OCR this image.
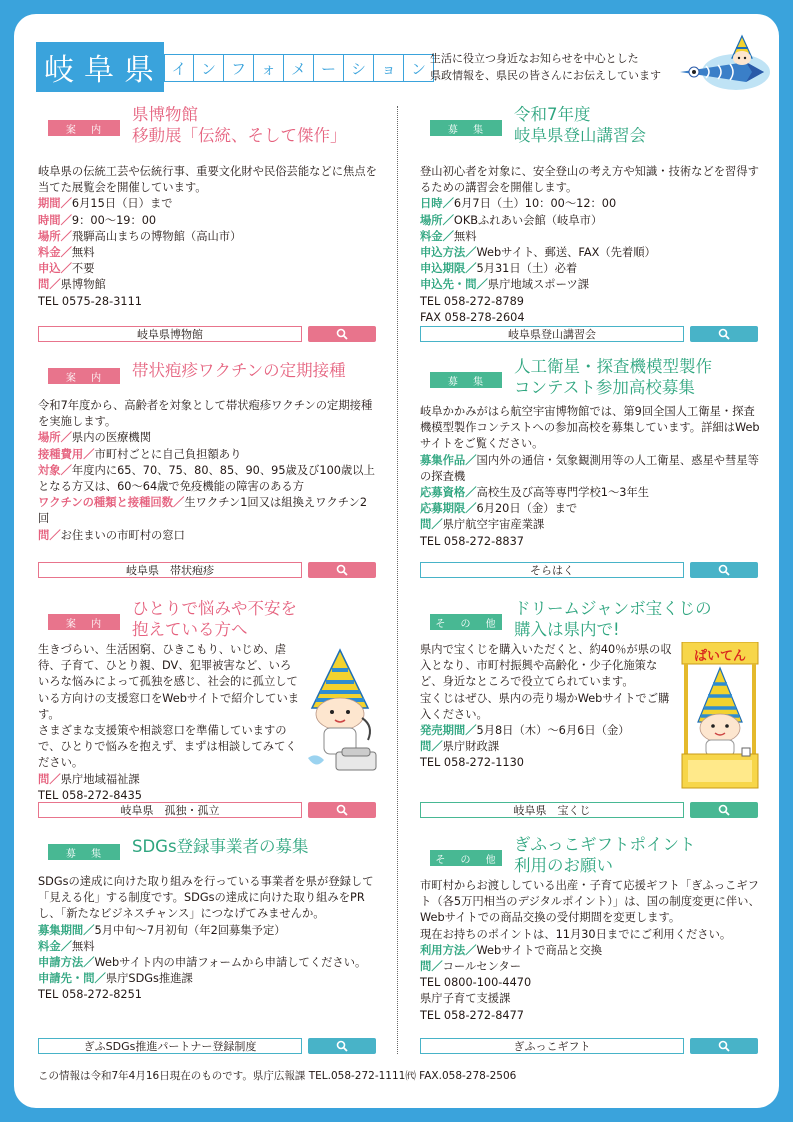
岐阜県 イ ン フ ォ メ ー シ ョ ン
生活に役立つ身近なお知らせを中心とした
県政情報を、県民の皆さんにお伝えしています
案 内
県博物館
移動展「伝統、そして傑作」

岐阜県の伝統工芸や伝統行事、重要文化財や民俗芸能などに焦点を当てた展覧会を開催しています。

期間／6月15日（日）まで

時間／9：00〜19：00

場所／飛騨高山まちの博物館（高山市）

料金／無料

申込／不要

問／県博物館

TEL 0575-28-3111

岐阜県博物館
案 内	帯状疱疹ワクチンの定期接種

令和7年度から、高齢者を対象として帯状疱疹ワクチンの定期接種を実施します。

場所／県内の医療機関

接種費用／市町村ごとに自己負担額あり

対象／年度内に65、70、75、80、85、90、95歳及び100歳以上となる方又は、60〜64歳で免疫機能の障害のある方

ワクチンの種類と接種回数／生ワクチン1回又は組換えワクチン2回

問／お住まいの市町村の窓口

岐阜県　帯状疱疹
案 内
ひとりで悩みや不安を
抱えている方へ

生きづらい、生活困窮、ひきこもり、いじめ、虐待、子育て、ひとり親、DV、犯罪被害など、いろいろな悩みによって孤独を感じ、社会的に孤立している方向けの支援窓口をWebサイトで紹介しています。

さまざまな支援策や相談窓口を準備していますので、ひとりで悩みを抱えず、まずは相談してみてください。

問／県庁地域福祉課

TEL 058-272-8435

岐阜県　孤独・孤立
募 集	SDGs登録事業者の募集

SDGsの達成に向けた取り組みを行っている事業者を県が登録して「見える化」する制度です。SDGsの達成に向けた取り組みをPRし、「新たなビジネスチャンス」につなげてみませんか。

募集期間／5月中旬〜7月初旬（年2回募集予定）

料金／無料

申請方法／Webサイト内の申請フォームから申請してください。

申請先・問／県庁SDGs推進課

TEL 058-272-8251

ぎふSDGs推進パートナー登録制度
募 集
令和7年度
岐阜県登山講習会

登山初心者を対象に、安全登山の考え方や知識・技術などを習得するための講習会を開催します。

日時／6月7日（土）10：00〜12：00

場所／OKBふれあい会館（岐阜市）

料金／無料

申込方法／Webサイト、郵送、FAX（先着順）

申込期限／5月31日（土）必着

申込先・問／県庁地域スポーツ課

TEL 058-272-8789

FAX 058-278-2604

岐阜県登山講習会
募 集
人工衛星・探査機模型製作
コンテスト参加高校募集

岐阜かかみがはら航空宇宙博物館では、第9回全国人工衛星・探査機模型製作コンテストへの参加高校を募集しています。詳細はWebサイトをご覧ください。

募集作品／国内外の通信・気象観測用等の人工衛星、惑星や彗星等の探査機

応募資格／高校生及び高等専門学校1〜3年生

応募期限／6月20日（金）まで

問／県庁航空宇宙産業課

TEL 058-272-8837

そらはく
そ の 他
ドリームジャンボ宝くじの
購入は県内で!

県内で宝くじを購入いただくと、約40％が県の収入となり、市町村振興や高齢化・少子化施策など、身近なところで役立てられています。

宝くじはぜひ、県内の売り場かWebサイトでご購入ください。

発売期間／5月8日（木）〜6月6日（金）

問／県庁財政課

TEL 058-272-1130

ぱいてん
岐阜県　宝くじ
そ の 他
ぎふっこギフトポイント
利用のお願い

市町村からお渡ししている出産・子育て応援ギフト「ぎふっこギフト（各5万円相当のデジタルポイント）」は、国の制度変更に伴い、Webサイトでの商品交換の受付期間を変更します。

現在お持ちのポイントは、11月30日までにご利用ください。

利用方法／Webサイトで商品と交換

問／コールセンター

TEL 0800-100-4470

県庁子育て支援課

TEL 058-272-8477

ぎふっこギフト
この情報は令和7年4月16日現在のものです。県庁広報課 TEL.058-272-1111㈹ FAX.058-278-2506
